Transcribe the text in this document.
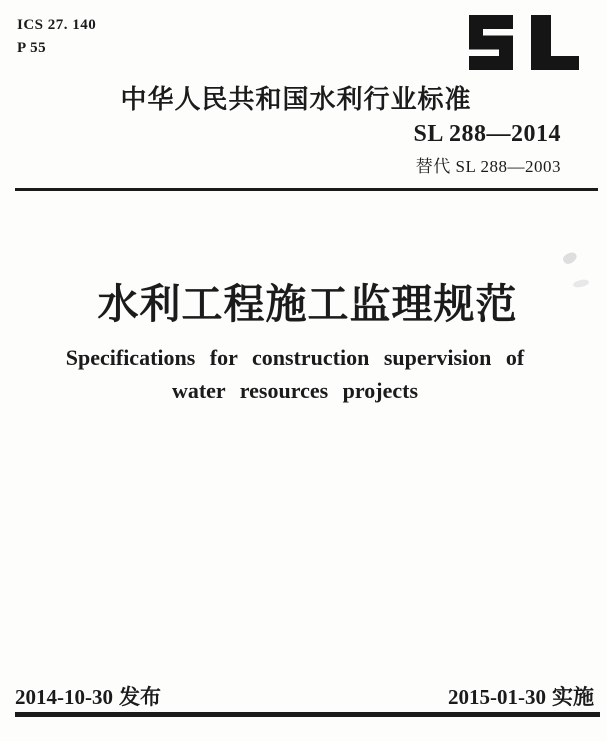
ICS 27. 140
P 55
中华人民共和国水利行业标准
SL 288—2014
替代 SL 288—2003
水利工程施工监理规范
Specifications for construction supervision of
water resources projects
2014-10-30 发布	2015-01-30 实施
